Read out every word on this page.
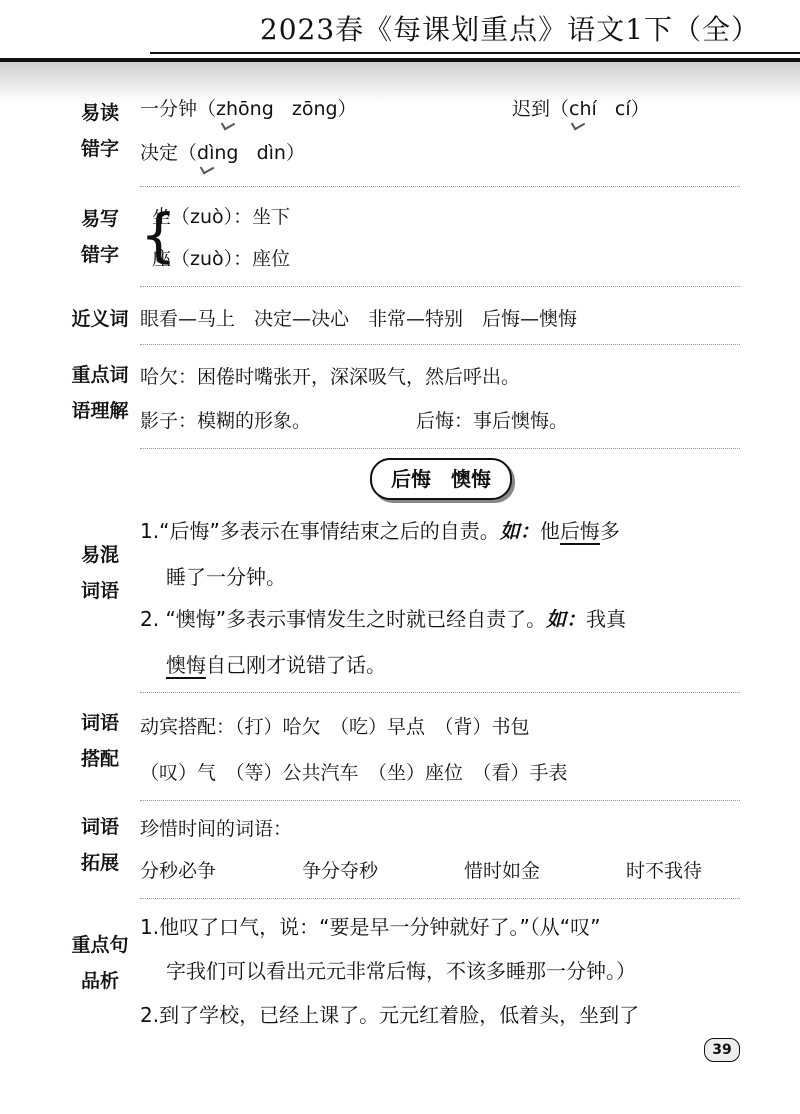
2023春《每课划重点》语文1下（全）
易读
错字
一分钟（zhōng zōng）	迟到（chí cí）
决定（dìng dìn）
易写
错字 {
坐（zuò）：坐下
座（zuò）：座位
近义词 眼看—马上　决定—决心　非常—特别　后悔—懊悔
重点词
语理解
哈欠：困倦时嘴张开，深深吸气，然后呼出。
影子：模糊的形象。	后悔：事后懊悔。
后悔　懊悔
易混
词语
1.“后悔”多表示在事情结束之后的自责。如：他后悔多
睡了一分钟。
2. “懊悔”多表示事情发生之时就已经自责了。如：我真
懊悔自己刚才说错了话。
词语
搭配
动宾搭配：（打）哈欠　（吃）早点　（背）书包
（叹）气　（等）公共汽车　（坐）座位　（看）手表
词语
拓展
珍惜时间的词语：
分秒必争	争分夺秒	惜时如金	时不我待
重点句
品析
1.他叹了口气，说：“要是早一分钟就好了。”（从“叹”
字我们可以看出元元非常后悔，不该多睡那一分钟。）
2.到了学校，已经上课了。元元红着脸，低着头，坐到了
39
